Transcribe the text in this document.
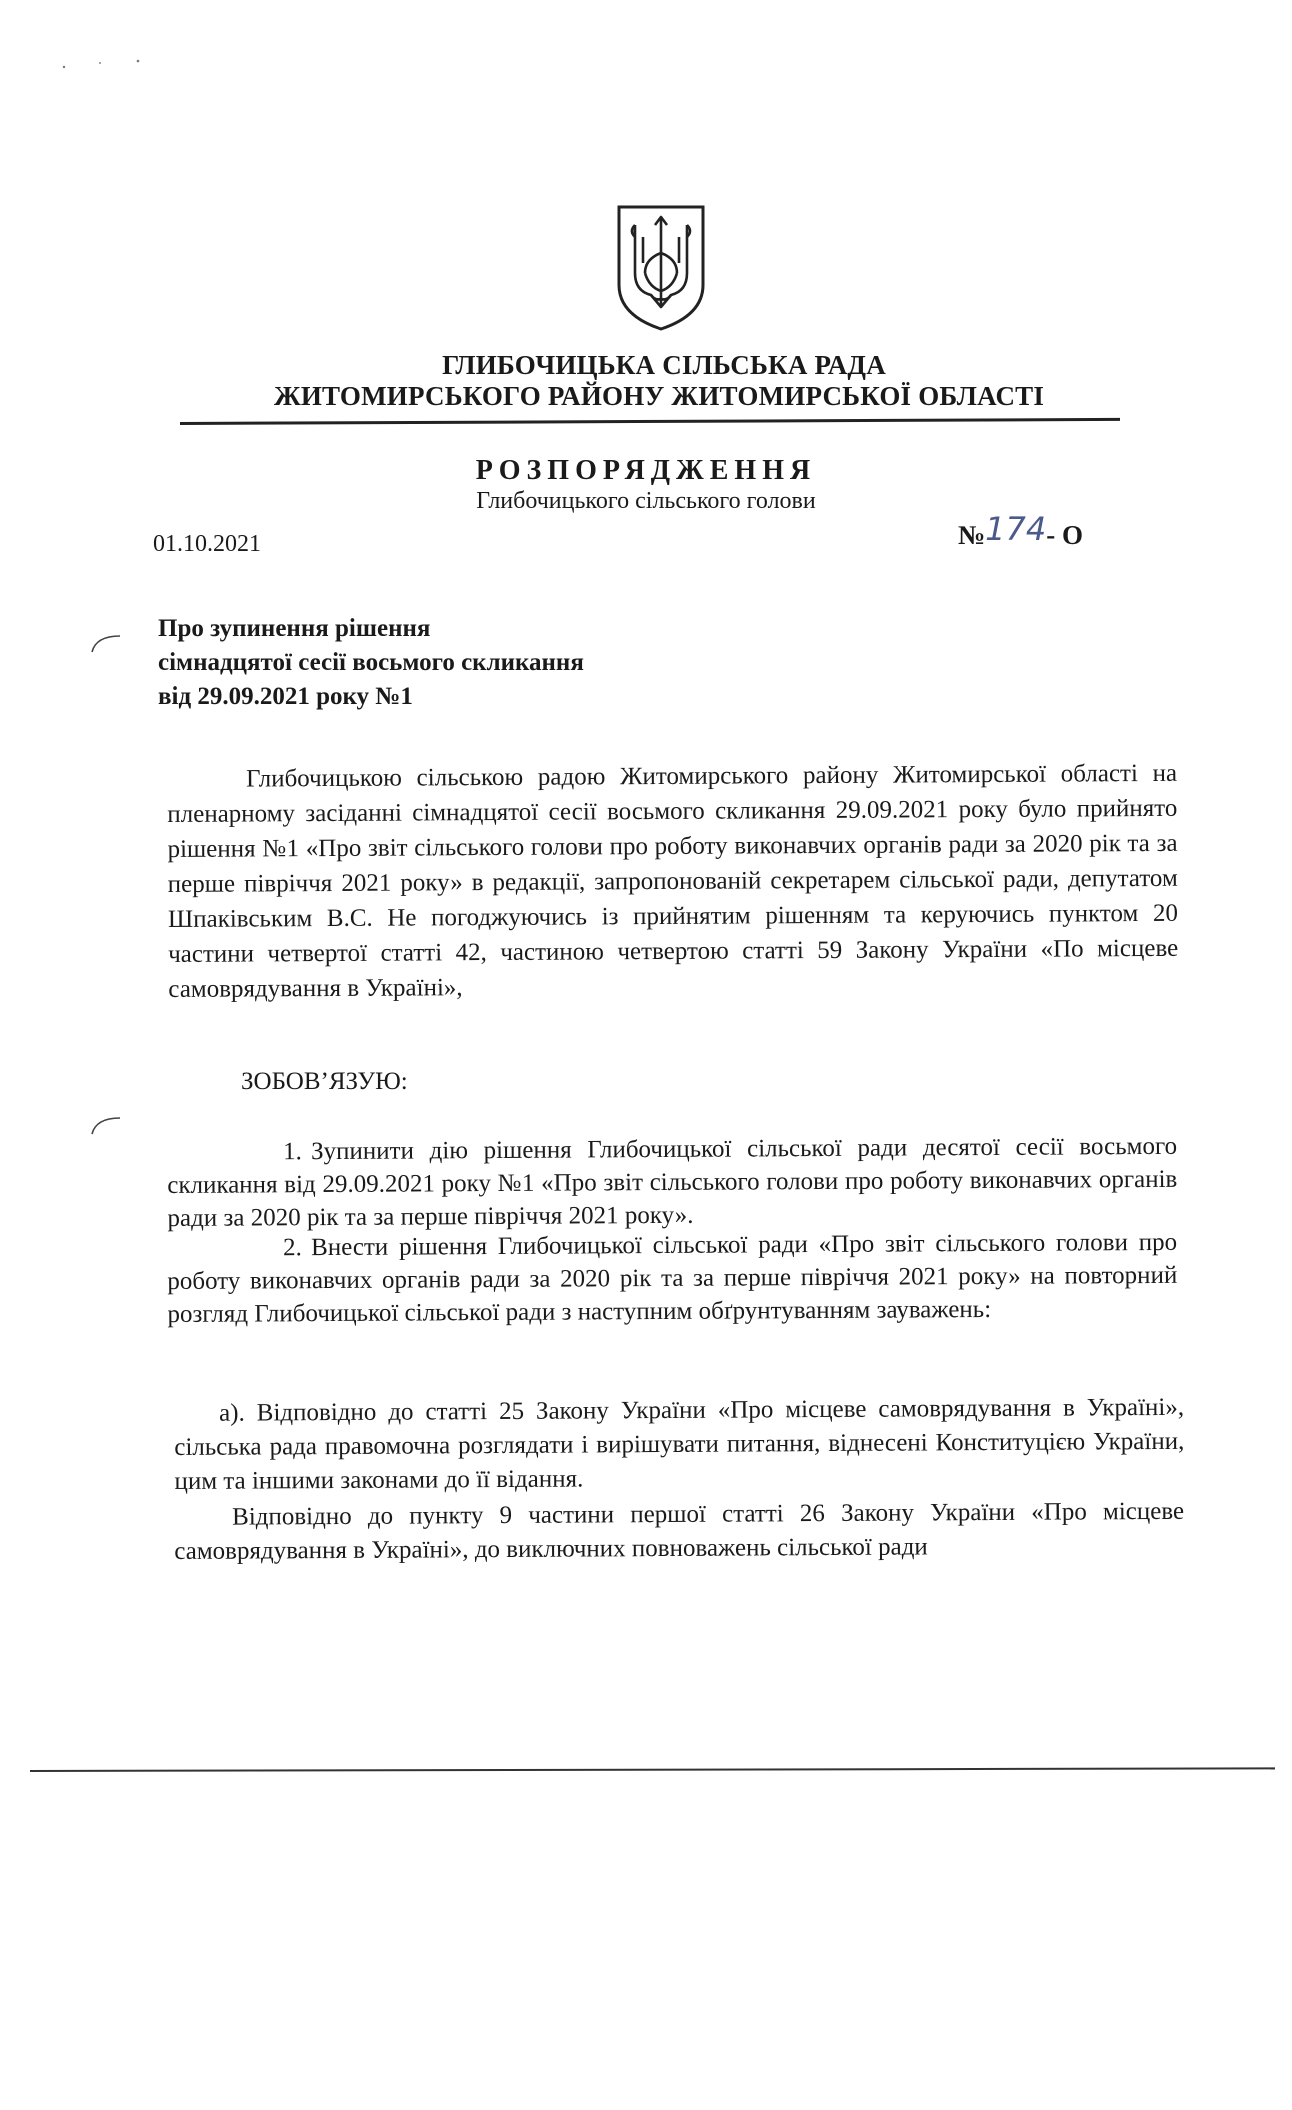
ГЛИБОЧИЦЬКА СІЛЬСЬКА РАДА
ЖИТОМИРСЬКОГО РАЙОНУ ЖИТОМИРСЬКОЇ ОБЛАСТІ
РОЗПОРЯДЖЕННЯ
Глибочицького сільського голови
01.10.2021	№174- О
Про зупинення рішення
сімнадцятої сесії восьмого скликання
від 29.09.2021 року №1
Глибочицькою сільською радою Житомирського району Житомирської області на пленарному засіданні сімнадцятої сесії восьмого скликання 29.09.2021 року було прийнято рішення №1 «Про звіт сільського голови про роботу виконавчих органів ради за 2020 рік та за перше півріччя 2021 року» в редакції, запропонованій секретарем сільської ради, депутатом Шпаківським В.С. Не погоджуючись із прийнятим рішенням та керуючись пунктом 20 частини четвертої статті 42, частиною четвертою статті 59 Закону України «По місцеве самоврядування в Україні»,
ЗОБОВ’ЯЗУЮ:
1. Зупинити дію рішення Глибочицької сільської ради десятої сесії восьмого скликання від 29.09.2021 року №1 «Про звіт сільського голови про роботу виконавчих органів ради за 2020 рік та за перше півріччя 2021 року».
2. Внести рішення Глибочицької сільської ради «Про звіт сільського голови про роботу виконавчих органів ради за 2020 рік та за перше півріччя 2021 року» на повторний розгляд Глибочицької сільської ради з наступним обґрунтуванням зауважень:
а). Відповідно до статті 25 Закону України «Про місцеве самоврядування в Україні», сільська рада правомочна розглядати і вирішувати питання, віднесені Конституцією України, цим та іншими законами до її відання.
Відповідно до пункту 9 частини першої статті 26 Закону України «Про місцеве самоврядування в Україні», до виключних повноважень сільської ради
